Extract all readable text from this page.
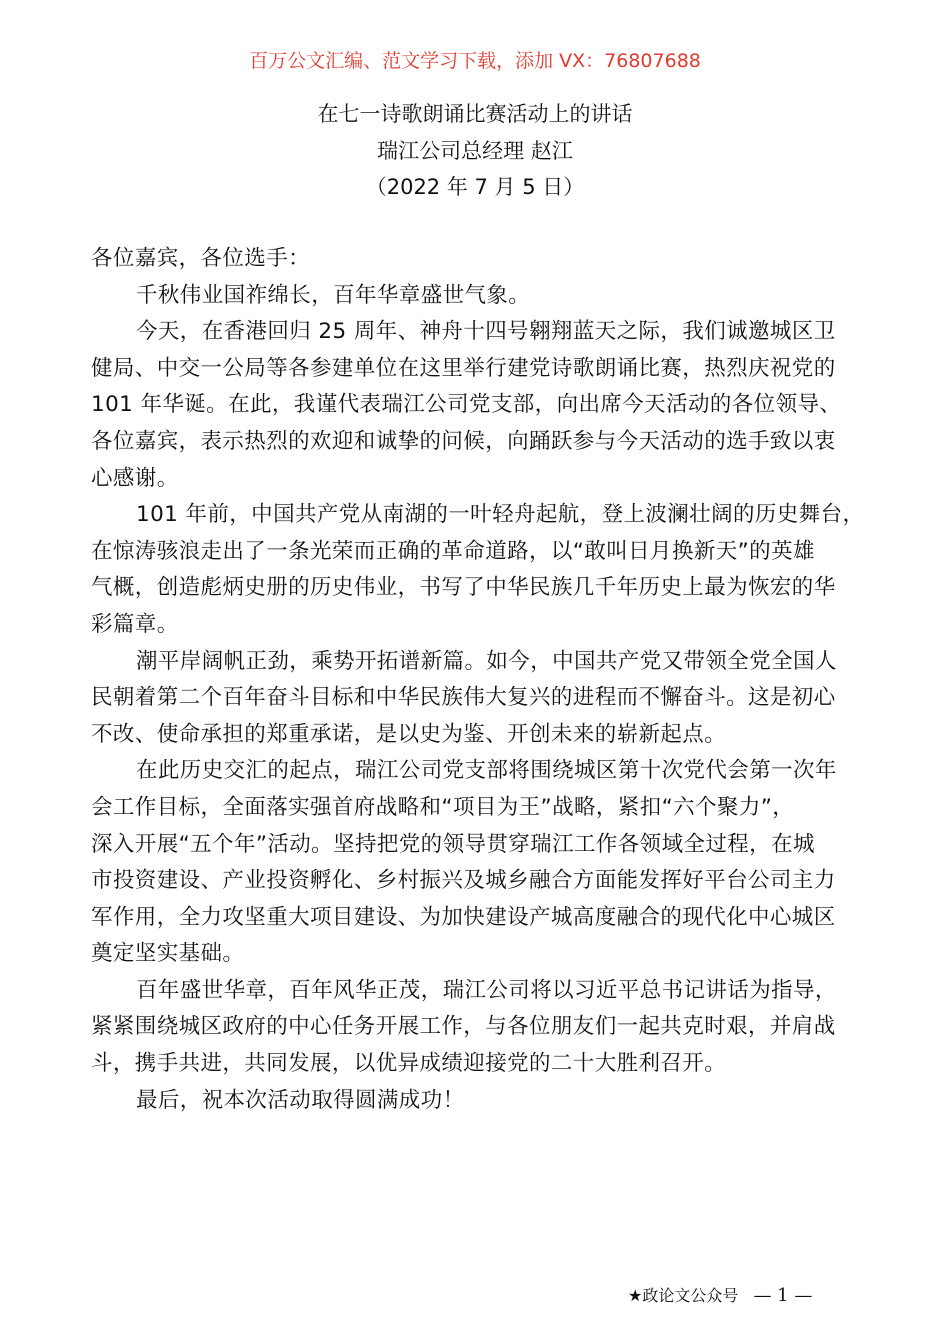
百万公文汇编、范文学习下载，添加 VX：76807688
在七一诗歌朗诵比赛活动上的讲话
瑞江公司总经理 赵江
（2022 年 7 月 5 日）
各位嘉宾，各位选手：
千秋伟业国祚绵长，百年华章盛世气象。
今天，在香港回归 25 周年、神舟十四号翱翔蓝天之际，我们诚邀城区卫
健局、中交一公局等各参建单位在这里举行建党诗歌朗诵比赛，热烈庆祝党的
101 年华诞。在此，我谨代表瑞江公司党支部，向出席今天活动的各位领导、
各位嘉宾，表示热烈的欢迎和诚挚的问候，向踊跃参与今天活动的选手致以衷
心感谢。
101 年前，中国共产党从南湖的一叶轻舟起航，登上波澜壮阔的历史舞台，
在惊涛骇浪走出了一条光荣而正确的革命道路，以“敢叫日月换新天”的英雄
气概，创造彪炳史册的历史伟业，书写了中华民族几千年历史上最为恢宏的华
彩篇章。
潮平岸阔帆正劲，乘势开拓谱新篇。如今，中国共产党又带领全党全国人
民朝着第二个百年奋斗目标和中华民族伟大复兴的进程而不懈奋斗。这是初心
不改、使命承担的郑重承诺，是以史为鉴、开创未来的崭新起点。
在此历史交汇的起点，瑞江公司党支部将围绕城区第十次党代会第一次年
会工作目标，全面落实强首府战略和“项目为王”战略，紧扣“六个聚力”，
深入开展“五个年”活动。坚持把党的领导贯穿瑞江工作各领域全过程，在城
市投资建设、产业投资孵化、乡村振兴及城乡融合方面能发挥好平台公司主力
军作用，全力攻坚重大项目建设、为加快建设产城高度融合的现代化中心城区
奠定坚实基础。
百年盛世华章，百年风华正茂，瑞江公司将以习近平总书记讲话为指导，
紧紧围绕城区政府的中心任务开展工作，与各位朋友们一起共克时艰，并肩战
斗，携手共进，共同发展，以优异成绩迎接党的二十大胜利召开。
最后，祝本次活动取得圆满成功！
★政论文公众号 — 1 —
